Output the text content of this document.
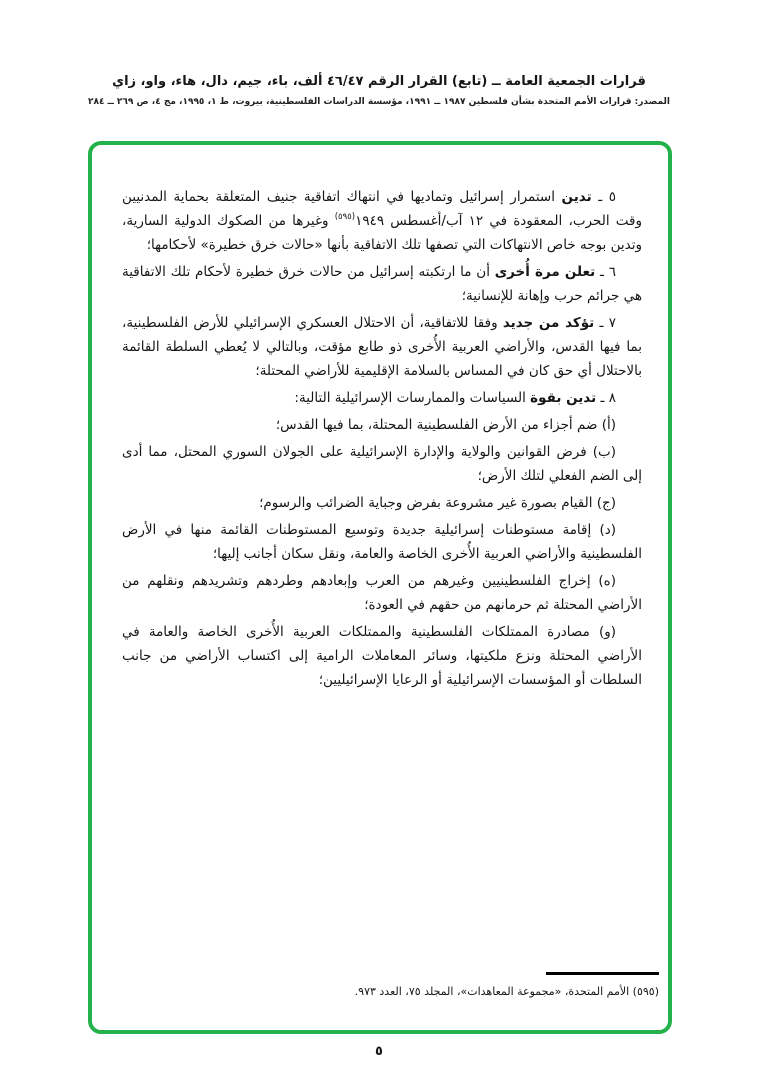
قرارات الجمعية العامة ــ (تابع) القرار الرقم ٤٦/٤٧ ألف، باء، جيم، دال، هاء، واو، زاي
المصدر: قرارات الأمم المتحدة بشأن فلسطين ١٩٨٧ ــ ١٩٩١، مؤسسة الدراسات الفلسطينية، بيروت، ط ١، ١٩٩٥، مج ٤، ص ٢٦٩ ــ ٢٨٤

٥ ـ تدين استمرار إسرائيل وتماديها في انتهاك اتفاقية جنيف المتعلقة بحماية المدنيين وقت الحرب، المعقودة في ١٢ آب/أغسطس ١٩٤٩$^{(٥٩٥)}$ وغيرها من الصكوك الدولية السارية، وتدين بوجه خاص الانتهاكات التي تصفها تلك الاتفاقية بأنها «حالات خرق خطيرة» لأحكامها؛

٦ ـ تعلن مرة أُخرى أن ما ارتكبته إسرائيل من حالات خرق خطيرة لأحكام تلك الاتفاقية هي جرائم حرب وإهانة للإنسانية؛

٧ ـ تؤكد من جديد وفقا للاتفاقية، أن الاحتلال العسكري الإسرائيلي للأرض الفلسطينية، بما فيها القدس، والأراضي العربية الأُخرى ذو طابع مؤقت، وبالتالي لا يُعطي السلطة القائمة بالاحتلال أي حق كان في المساس بالسلامة الإقليمية للأراضي المحتلة؛

٨ ـ تدين بقوة السياسات والممارسات الإسرائيلية التالية:

(أ) ضم أجزاء من الأرض الفلسطينية المحتلة، بما فيها القدس؛

(ب) فرض القوانين والولاية والإدارة الإسرائيلية على الجولان السوري المحتل، مما أدى إلى الضم الفعلي لتلك الأرض؛

(ج) القيام بصورة غير مشروعة بفرض وجباية الضرائب والرسوم؛

(د) إقامة مستوطنات إسرائيلية جديدة وتوسيع المستوطنات القائمة منها في الأرض الفلسطينية والأراضي العربية الأُخرى الخاصة والعامة، ونقل سكان أجانب إليها؛

(ه) إخراج الفلسطينيين وغيرهم من العرب وإبعادهم وطردهم وتشريدهم ونقلهم من الأراضي المحتلة ثم حرمانهم من حقهم في العودة؛

(و) مصادرة الممتلكات الفلسطينية والممتلكات العربية الأُخرى الخاصة والعامة في الأراضي المحتلة ونزع ملكيتها، وسائر المعاملات الرامية إلى اكتساب الأراضي من جانب السلطات أو المؤسسات الإسرائيلية أو الرعايا الإسرائيليين؛

(٥٩٥) الأمم المتحدة، «مجموعة المعاهدات»، المجلد ٧٥، العدد ٩٧٣.
٥
